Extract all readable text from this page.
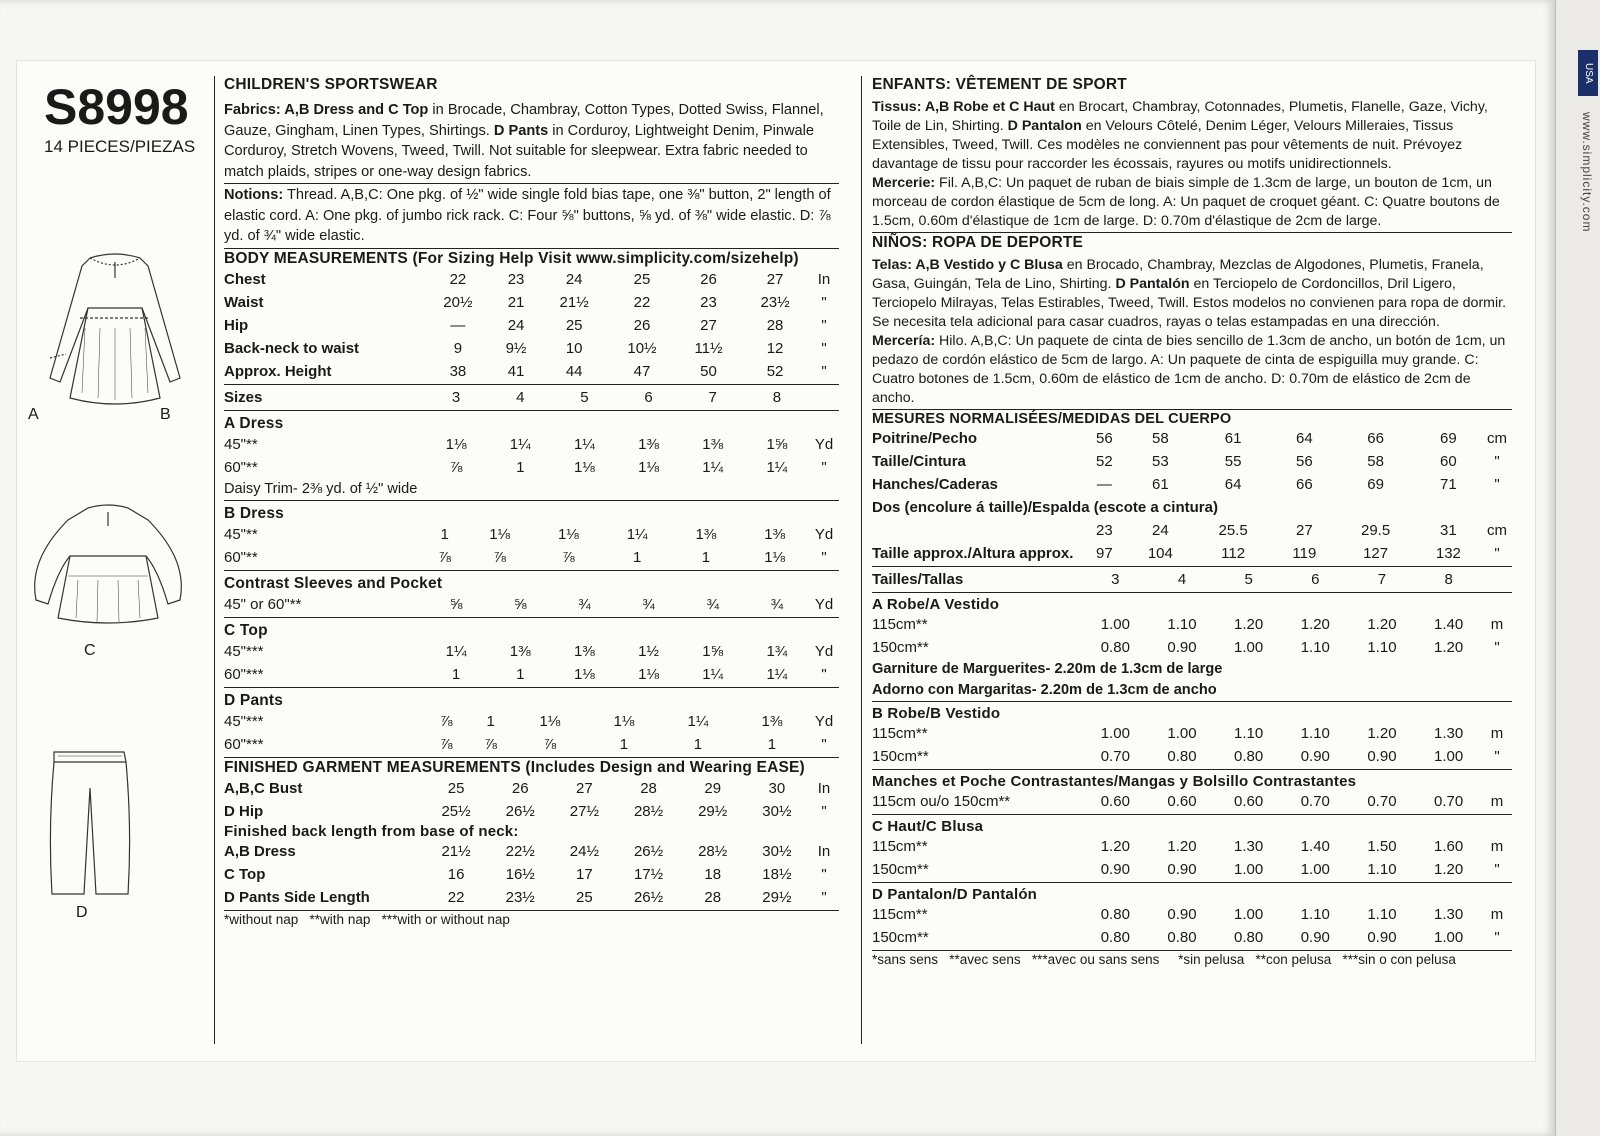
USA
www.simplicity.com
S8998
14 PIECES/PIEZAS
A	B
C
D
CHILDREN'S SPORTSWEAR
Fabrics: A,B Dress and C Top in Brocade, Chambray, Cotton Types, Dotted Swiss, Flannel, Gauze, Gingham, Linen Types, Shirtings. D Pants in Corduroy, Lightweight Denim, Pinwale Corduroy, Stretch Wovens, Tweed, Twill. Not suitable for sleepwear. Extra fabric needed to match plaids, stripes or one-way design fabrics.
Notions: Thread. A,B,C: One pkg. of ½" wide single fold bias tape, one ⅜" button, 2" length of elastic cord. A: One pkg. of jumbo rick rack. C: Four ⅝" buttons, ⅝ yd. of ⅜" wide elastic. D: ⅞ yd. of ¾" wide elastic.
BODY MEASUREMENTS (For Sizing Help Visit www.simplicity.com/sizehelp)
Chest	22	23	24	25	26	27	In
Waist	20½	21	21½	22	23	23½	"
Hip	—	24	25	26	27	28	"
Back-neck to waist	9	9½	10	10½	11½	12	"
Approx. Height	38	41	44	47	50	52	"
Sizes	3	4	5	6	7	8	
A Dress
45"**	1⅛	1¼	1¼	1⅜	1⅜	1⅝	Yd
60"**	⅞	1	1⅛	1⅛	1¼	1¼	"
Daisy Trim- 2⅜ yd. of ½" wide
B Dress
45"**	1	1⅛	1⅛	1¼	1⅜	1⅜	Yd
60"**	⅞	⅞	⅞	1	1	1⅛	"
Contrast Sleeves and Pocket
45" or 60"**	⅝	⅝	¾	¾	¾	¾	Yd
C Top
45"***	1¼	1⅜	1⅜	1½	1⅝	1¾	Yd
60"***	1	1	1⅛	1⅛	1¼	1¼	"
D Pants
45"***	⅞	1	1⅛	1⅛	1¼	1⅜	Yd
60"***	⅞	⅞	⅞	1	1	1	"
FINISHED GARMENT MEASUREMENTS (Includes Design and Wearing EASE)
A,B,C Bust	25	26	27	28	29	30	In
D Hip	25½	26½	27½	28½	29½	30½	"
Finished back length from base of neck:
A,B Dress	21½	22½	24½	26½	28½	30½	In
C Top	16	16½	17	17½	18	18½	"
D Pants Side Length	22	23½	25	26½	28	29½	"
*without nap   **with nap   ***with or without nap
ENFANTS: VÊTEMENT DE SPORT
Tissus: A,B Robe et C Haut en Brocart, Chambray, Cotonnades, Plumetis, Flanelle, Gaze, Vichy, Toile de Lin, Shirting. D Pantalon en Velours Côtelé, Denim Léger, Velours Milleraies, Tissus Extensibles, Tweed, Twill. Ces modèles ne conviennent pas pour vêtements de nuit. Prévoyez davantage de tissu pour raccorder les écossais, rayures ou motifs unidirectionnels.
Mercerie: Fil. A,B,C: Un paquet de ruban de biais simple de 1.3cm de large, un bouton de 1cm, un morceau de cordon élastique de 5cm de long. A: Un paquet de croquet géant. C: Quatre boutons de 1.5cm, 0.60m d'élastique de 1cm de large. D: 0.70m d'élastique de 2cm de large.
NIÑOS: ROPA DE DEPORTE
Telas: A,B Vestido y C Blusa en Brocado, Chambray, Mezclas de Algodones, Plumetis, Franela, Gasa, Guingán, Tela de Lino, Shirting. D Pantalón en Terciopelo de Cordoncillos, Dril Ligero, Terciopelo Milrayas, Telas Estirables, Tweed, Twill. Estos modelos no convienen para ropa de dormir. Se necesita tela adicional para casar cuadros, rayas o telas estampadas en una dirección.
Mercería: Hilo. A,B,C: Un paquete de cinta de bies sencillo de 1.3cm de ancho, un botón de 1cm, un pedazo de cordón elástico de 5cm de largo. A: Un paquete de cinta de espiguilla muy grande. C: Cuatro botones de 1.5cm, 0.60m de elástico de 1cm de ancho. D: 0.70m de elástico de 2cm de ancho.
MESURES NORMALISÉES/MEDIDAS DEL CUERPO
Poitrine/Pecho	56	58	61	64	66	69	cm
Taille/Cintura	52	53	55	56	58	60	"
Hanches/Caderas	—	61	64	66	69	71	"
Dos (encolure á taille)/Espalda (escote a cintura)							
	23	24	25.5	27	29.5	31	cm
Taille approx./Altura approx.	97	104	112	119	127	132	"
Tailles/Tallas	3	4	5	6	7	8	
A Robe/A Vestido
115cm**	1.00	1.10	1.20	1.20	1.20	1.40	m
150cm**	0.80	0.90	1.00	1.10	1.10	1.20	"
Garniture de Marguerites- 2.20m de 1.3cm de large
Adorno con Margaritas- 2.20m de 1.3cm de ancho
B Robe/B Vestido
115cm**	1.00	1.00	1.10	1.10	1.20	1.30	m
150cm**	0.70	0.80	0.80	0.90	0.90	1.00	"
Manches et Poche Contrastantes/Mangas y Bolsillo Contrastantes
115cm ou/o 150cm**	0.60	0.60	0.60	0.70	0.70	0.70	m
C Haut/C Blusa
115cm**	1.20	1.20	1.30	1.40	1.50	1.60	m
150cm**	0.90	0.90	1.00	1.00	1.10	1.20	"
D Pantalon/D Pantalón
115cm**	0.80	0.90	1.00	1.10	1.10	1.30	m
150cm**	0.80	0.80	0.80	0.90	0.90	1.00	"
*sans sens   **avec sens   ***avec ou sans sens     *sin pelusa   **con pelusa   ***sin o con pelusa
